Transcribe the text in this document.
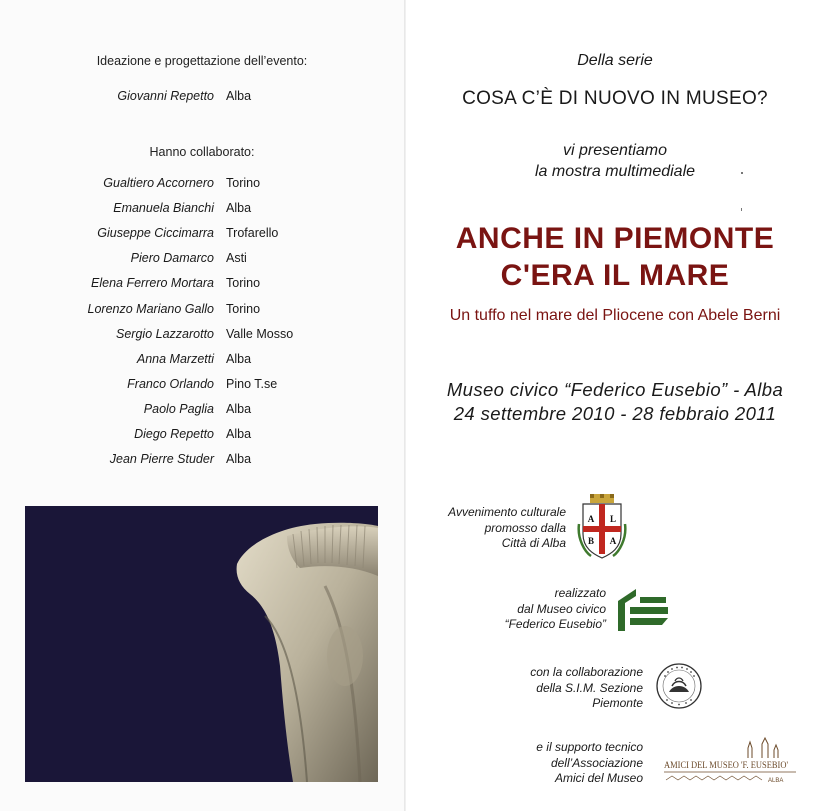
Ideazione e progettazione dell’evento:
Giovanni Repetto Alba
Hanno collaborato:
Gualtiero Accornero Torino
Emanuela Bianchi Alba
Giuseppe Ciccimarra Trofarello
Piero Damarco Asti
Elena Ferrero Mortara Torino
Lorenzo Mariano Gallo Torino
Sergio Lazzarotto Valle Mosso
Anna Marzetti Alba
Franco Orlando Pino T.se
Paolo Paglia Alba
Diego Repetto Alba
Jean Pierre Studer Alba
Della serie
COSA C’È DI NUOVO IN MUSEO?
vi presentiamo
la mostra multimediale
ANCHE IN PIEMONTE
C'ERA IL MARE
Un tuffo nel mare del Pliocene con Abele Berni
Museo civico “Federico Eusebio” - Alba
24 settembre 2010 - 28 febbraio 2011
Avvenimento culturale
promosso dalla
Città di Alba
A L
B A
realizzato
dal Museo civico
“Federico Eusebio”
con la collaborazione
della S.I.M. Sezione
Piemonte
e il supporto tecnico
dell’Associazione
Amici del Museo
AMICI DEL MUSEO 'F. EUSEBIO'
ALBA
